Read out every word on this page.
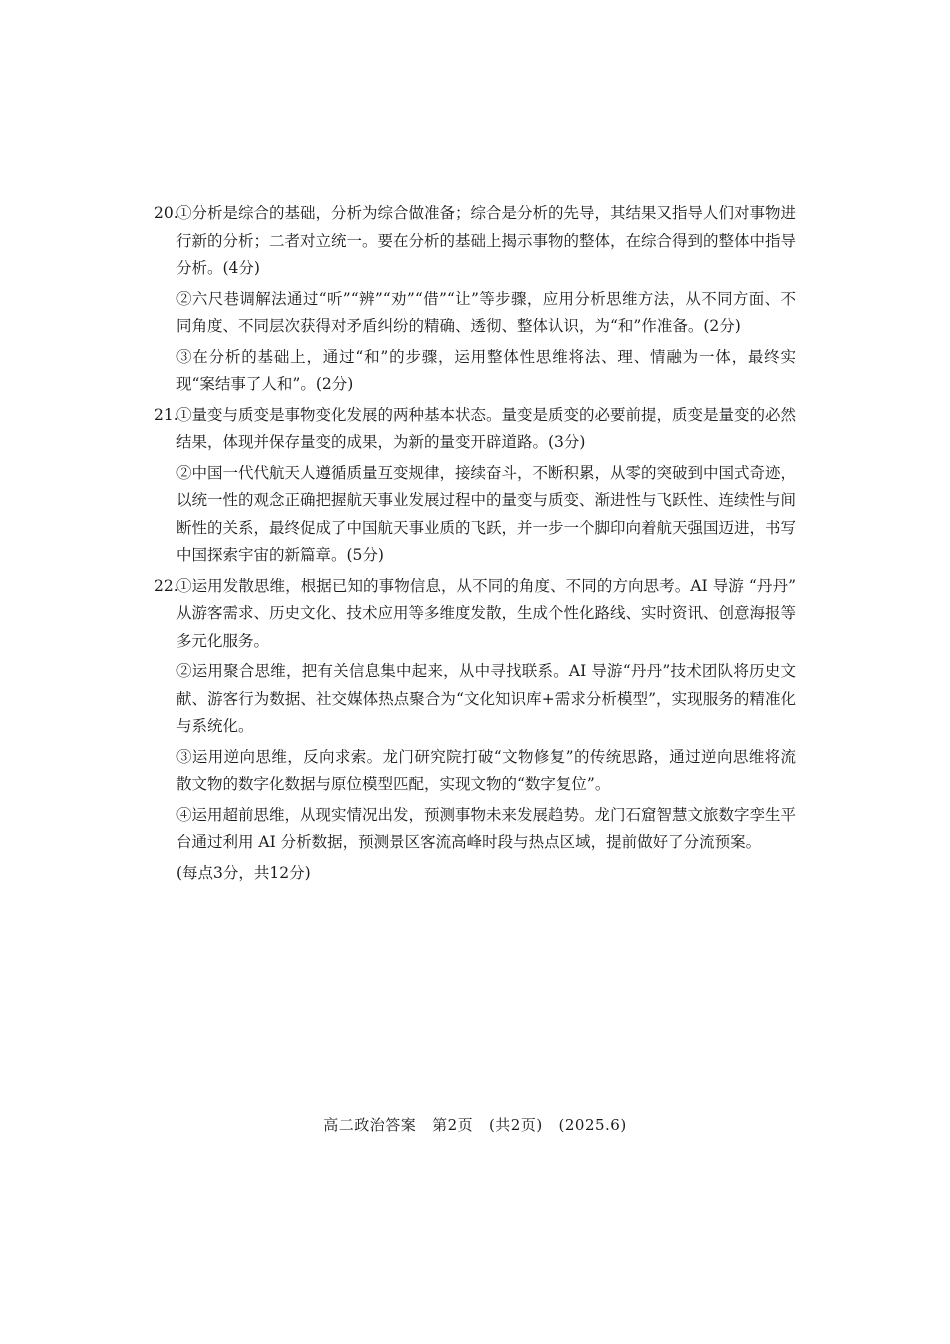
20.

①分析是综合的基础，分析为综合做准备；综合是分析的先导，其结果又指导人们对事物进行新的分析；二者对立统一。要在分析的基础上揭示事物的整体，在综合得到的整体中指导分析。(4分)

②六尺巷调解法通过“听”“辨”“劝”“借”“让”等步骤，应用分析思维方法，从不同方面、不同角度、不同层次获得对矛盾纠纷的精确、透彻、整体认识，为“和”作准备。(2分)

③在分析的基础上，通过“和”的步骤，运用整体性思维将法、理、情融为一体，最终实现“案结事了人和”。(2分)

21.

①量变与质变是事物变化发展的两种基本状态。量变是质变的必要前提，质变是量变的必然结果，体现并保存量变的成果，为新的量变开辟道路。(3分)

②中国一代代航天人遵循质量互变规律，接续奋斗，不断积累，从零的突破到中国式奇迹，以统一性的观念正确把握航天事业发展过程中的量变与质变、渐进性与飞跃性、连续性与间断性的关系，最终促成了中国航天事业质的飞跃，并一步一个脚印向着航天强国迈进，书写中国探索宇宙的新篇章。(5分)

22.

①运用发散思维，根据已知的事物信息，从不同的角度、不同的方向思考。AI 导游 “丹丹” 从游客需求、历史文化、技术应用等多维度发散，生成个性化路线、实时资讯、创意海报等多元化服务。

②运用聚合思维，把有关信息集中起来，从中寻找联系。AI 导游“丹丹”技术团队将历史文献、游客行为数据、社交媒体热点聚合为“文化知识库+需求分析模型”，实现服务的精准化与系统化。

③运用逆向思维，反向求索。龙门研究院打破“文物修复”的传统思路，通过逆向思维将流散文物的数字化数据与原位模型匹配，实现文物的“数字复位”。

④运用超前思维，从现实情况出发，预测事物未来发展趋势。龙门石窟智慧文旅数字孪生平台通过利用 AI 分析数据，预测景区客流高峰时段与热点区域，提前做好了分流预案。

(每点3分，共12分)

高二政治答案   第2页   (共2页)   (2025.6)
